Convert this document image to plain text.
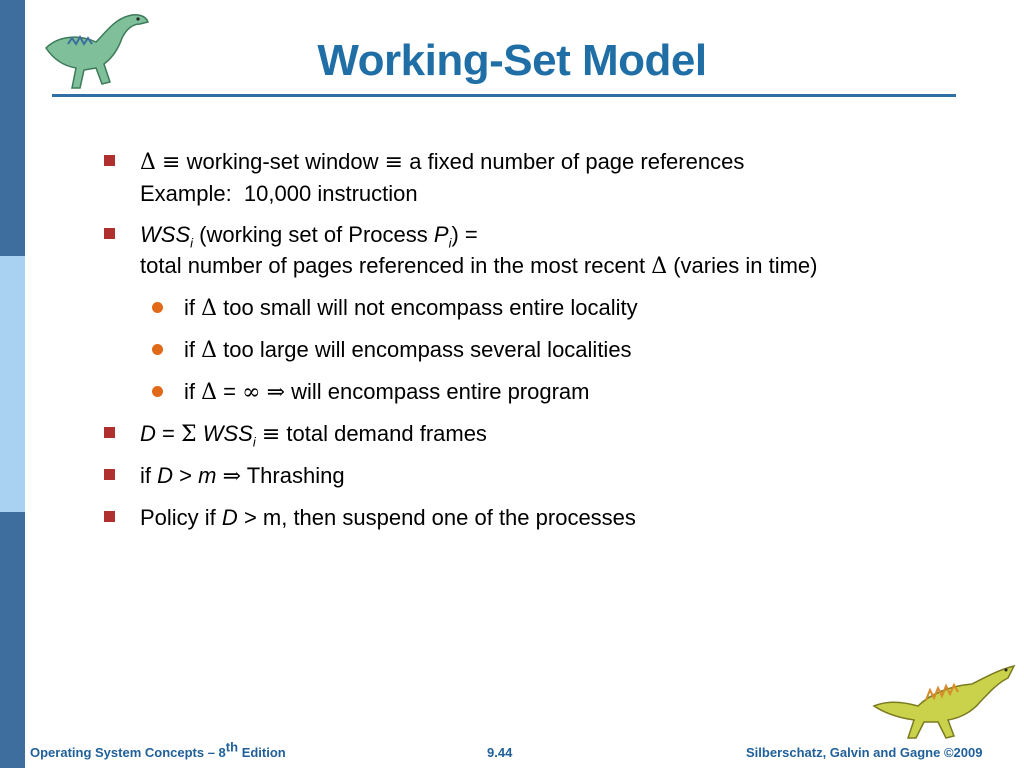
Working-Set Model
Δ ≡ working-set window ≡ a fixed number of page references
Example:  10,000 instruction
$WSS_i$ (working set of Process $P_i$) =
total number of pages referenced in the most recent Δ (varies in time)
if Δ too small will not encompass entire locality
if Δ too large will encompass several localities
if Δ = ∞ ⇒ will encompass entire program
D = Σ $WSS_i$ ≡ total demand frames
if D > m ⇒ Thrashing
Policy if D > m, then suspend one of the processes
Operating System Concepts – 8th Edition	9.44	Silberschatz, Galvin and Gagne ©2009
